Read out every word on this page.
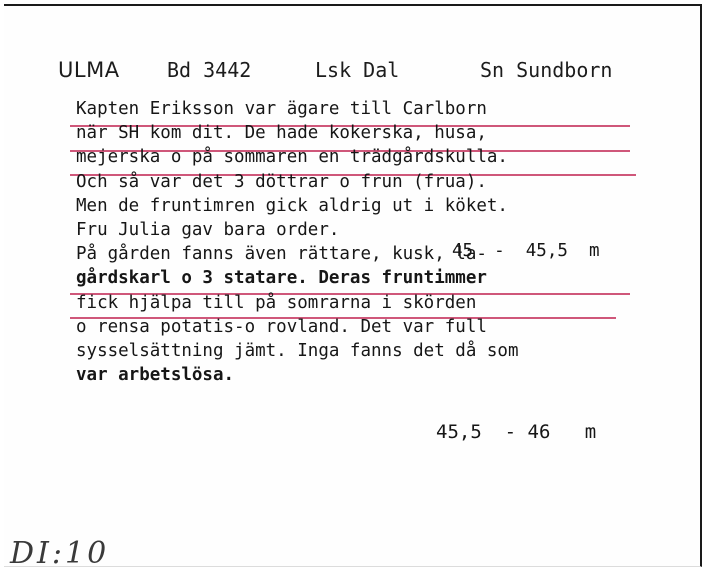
ULMA Bd 3442	Lsk Dal	Sn Sundborn
Kapten Eriksson var ägare till Carlborn
när SH kom dit. De hade kokerska, husa,
mejerska o på sommaren en trädgårdskulla.
Och så var det 3 döttrar o frun (frua).
Men de fruntimren gick aldrig ut i köket.
Fru Julia gav bara order.
På gården fanns även rättare, kusk, la-
gårdskarl o 3 statare. Deras fruntimmer
fick hjälpa till på somrarna i skörden
o rensa potatis-o rovland. Det var full
sysselsättning jämt. Inga fanns det då som
var arbetslösa.
45  -  45,5  m
45,5  - 46   m
DI:10
